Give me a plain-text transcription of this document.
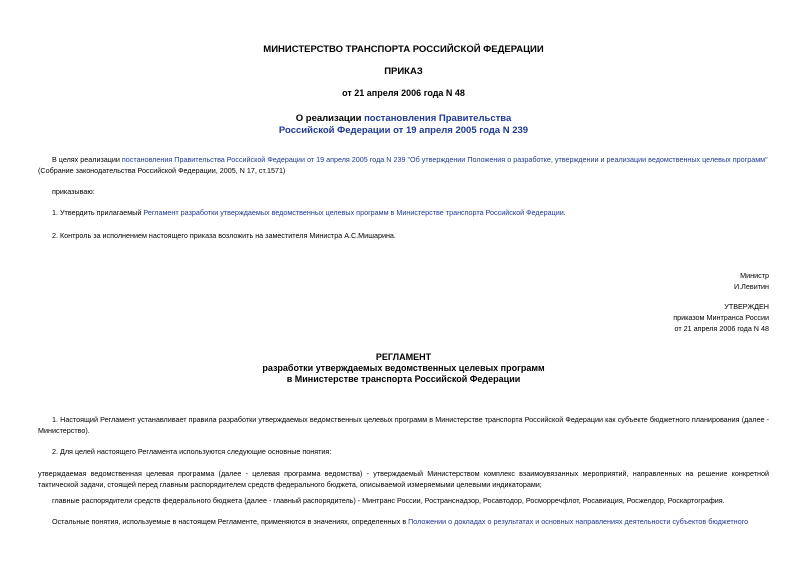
МИНИСТЕРСТВО ТРАНСПОРТА РОССИЙСКОЙ ФЕДЕРАЦИИ
ПРИКАЗ
от 21 апреля 2006 года N 48
О реализации постановления Правительства
Российской Федерации от 19 апреля 2005 года N 239
В целях реализации постановления Правительства Российской Федерации от 19 апреля 2005 года N 239 "Об утверждении Положения о разработке, утверждении и реализации ведомственных целевых программ"
(Собрание законодательства Российской Федерации, 2005, N 17, ст.1571)
приказываю:
1. Утвердить прилагаемый Регламент разработки утверждаемых ведомственных целевых программ в Министерстве транспорта Российской Федерации.
2. Контроль за исполнением настоящего приказа возложить на заместителя Министра А.С.Мишарина.
Министр
И.Левитин
УТВЕРЖДЕН
приказом Минтранса России
от 21 апреля 2006 года N 48
РЕГЛАМЕНТ
разработки утверждаемых ведомственных целевых программ
в Министерстве транспорта Российской Федерации
1. Настоящий Регламент устанавливает правила разработки утверждаемых ведомственных целевых программ в Министерстве транспорта Российской Федерации как субъекте бюджетного планирования (далее - Министерство).
2. Для целей настоящего Регламента используются следующие основные понятия:
утверждаемая ведомственная целевая программа (далее - целевая программа ведомства) - утверждаемый Министерством комплекс взаимоувязанных мероприятий, направленных на решение конкретной тактической задачи, стоящей перед главным распорядителем средств федерального бюджета, описываемой измеряемыми целевыми индикаторами;
главные распорядители средств федерального бюджета (далее - главный распорядитель) - Минтранс России, Ространснадзор, Росавтодор, Росморречфлот, Росавиация, Росжелдор, Роскартография.
Остальные понятия, используемые в настоящем Регламенте, применяются в значениях, определенных в Положении о докладах о результатах и основных направлениях деятельности субъектов бюджетного
